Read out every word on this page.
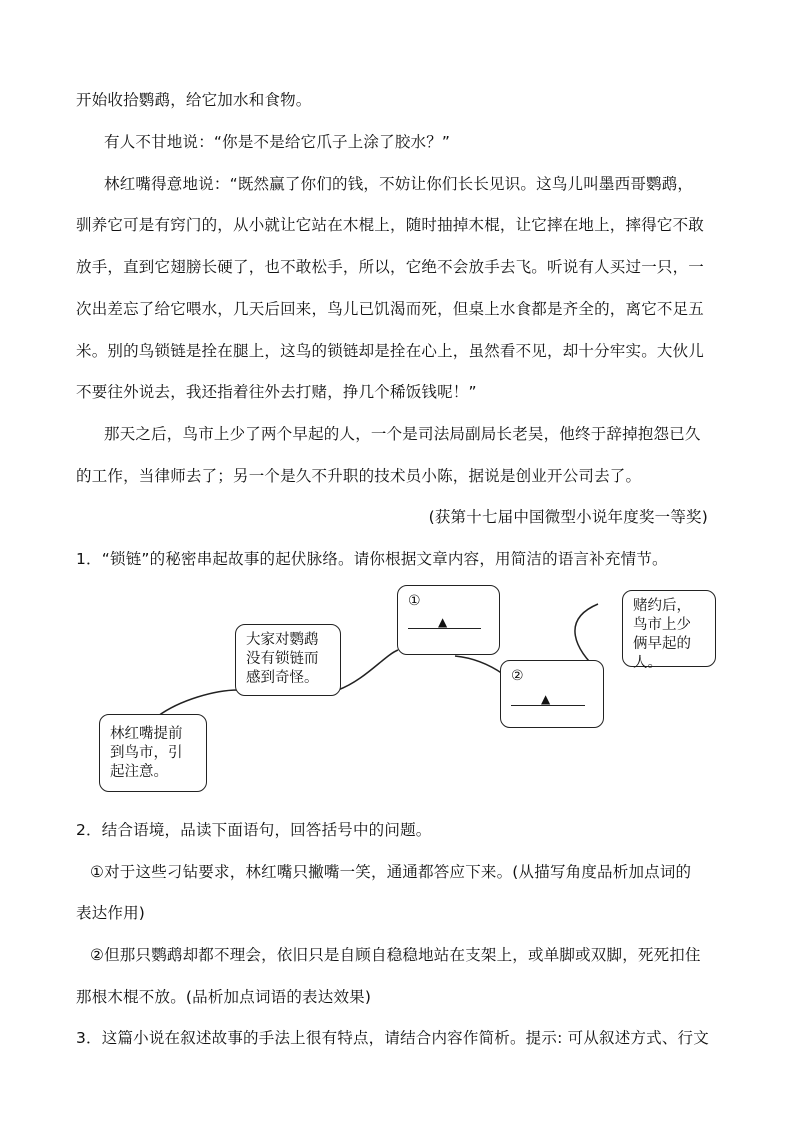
开始收拾鹦鹉，给它加水和食物。
有人不甘地说：“你是不是给它爪子上涂了胶水？”
林红嘴得意地说：“既然赢了你们的钱，不妨让你们长长见识。这鸟儿叫墨西哥鹦鹉，
驯养它可是有窍门的，从小就让它站在木棍上，随时抽掉木棍，让它摔在地上，摔得它不敢
放手，直到它翅膀长硬了，也不敢松手，所以，它绝不会放手去飞。听说有人买过一只，一
次出差忘了给它喂水，几天后回来，鸟儿已饥渴而死，但桌上水食都是齐全的，离它不足五
米。别的鸟锁链是拴在腿上，这鸟的锁链却是拴在心上，虽然看不见，却十分牢实。大伙儿
不要往外说去，我还指着往外去打赌，挣几个稀饭钱呢！”
那天之后，鸟市上少了两个早起的人，一个是司法局副局长老吴，他终于辞掉抱怨已久
的工作，当律师去了；另一个是久不升职的技术员小陈，据说是创业开公司去了。
(获第十七届中国微型小说年度奖一等奖)
1．“锁链”的秘密串起故事的起伏脉络。请你根据文章内容，用简洁的语言补充情节。
林红嘴提前到鸟市，引起注意。
大家对鹦鹉没有锁链而感到奇怪。
①
▲
②
▲
赌约后，鸟市上少俩早起的人。
2．结合语境，品读下面语句，回答括号中的问题。
①对于这些刁钻要求，林红嘴只撇嘴一笑，通通都答应下来。(从描写角度品析加点词的
表达作用)
②但那只鹦鹉却都不理会，依旧只是自顾自稳稳地站在支架上，或单脚或双脚，死死扣住
那根木棍不放。(品析加点词语的表达效果)
3．这篇小说在叙述故事的手法上很有特点，请结合内容作简析。提示: 可从叙述方式、行文
